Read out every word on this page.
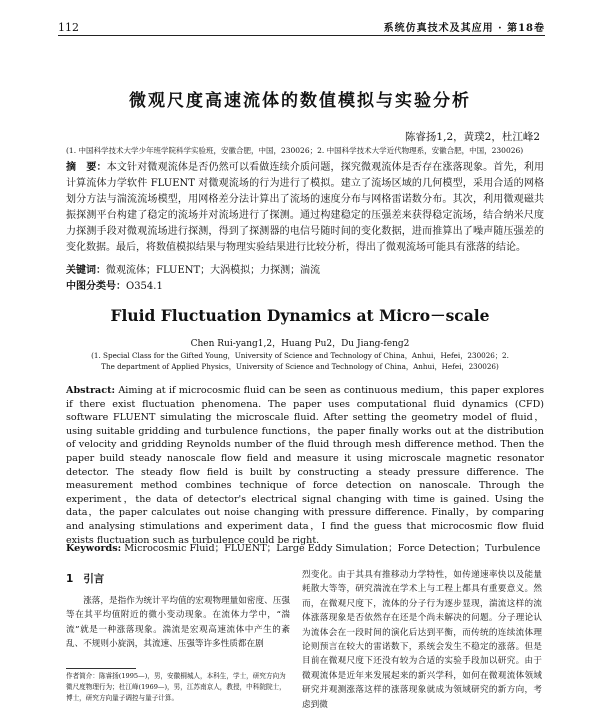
112	系统仿真技术及其应用 · 第18卷
微观尺度高速流体的数值模拟与实验分析
陈睿扬1,2，黄璞2，杜江峰2
(1. 中国科学技术大学少年班学院科学实验班，安徽合肥，中国，230026；2. 中国科学技术大学近代物理系，安徽合肥，中国，230026)
摘　要：本文针对微观流体是否仍然可以看做连续介质问题，探究微观流体是否存在涨落现象。首先，利用计算流体力学软件 FLUENT 对微观流场的行为进行了模拟。建立了流场区域的几何模型，采用合适的网格划分方法与湍流流场模型，用网格差分法计算出了流场的速度分布与网格雷诺数分布。其次，利用微观磁共振探测平台构建了稳定的流场并对流场进行了探测。通过构建稳定的压强差来获得稳定流场，结合纳米尺度力探测手段对微观流场进行探测，得到了探测器的电信号随时间的变化数据，进而推算出了噪声随压强差的变化数据。最后，将数值模拟结果与物理实验结果进行比较分析，得出了微观流场可能具有涨落的结论。
关键词：微观流体；FLUENT；大涡模拟；力探测；湍流
中图分类号：O354.1
Fluid Fluctuation Dynamics at Micro－scale
Chen Rui-yang1,2，Huang Pu2，Du Jiang-feng2
(1. Special Class for the Gifted Young，University of Science and Technology of China，Anhui，Hefei，230026；2. The department of Applied Physics，University of Science and Technology of China，Anhui，Hefei，230026)
Abstract: Aiming at if microcosmic fluid can be seen as continuous medium，this paper explores if there exist fluctuation phenomena. The paper uses computational fluid dynamics (CFD) software FLUENT simulating the microscale fluid. After setting the geometry model of fluid，using suitable gridding and turbulence functions，the paper finally works out at the distribution of velocity and gridding Reynolds number of the fluid through mesh difference method. Then the paper build steady nanoscale flow field and measure it using microscale magnetic resonator detector. The steady flow field is built by constructing a steady pressure difference. The measurement method combines technique of force detection on nanoscale. Through the experiment，the data of detector's electrical signal changing with time is gained. Using the data，the paper calculates out noise changing with pressure difference. Finally，by comparing and analysing stimulations and experiment data，I find the guess that microcosmic flow fluid exists fluctuation such as turbulence could be right.
Keywords: Microcosmic Fluid；FLUENT；Large Eddy Simulation；Force Detection；Turbulence
1 引言

涨落，是指作为统计平均值的宏观物理量如密度、压强等在其平均值附近的微小变动现象。在流体力学中，“湍流”就是一种涨落现象。湍流是宏观高速流体中产生的紊乱、不规则小旋涡，其流速、压强等许多性质都在剧

烈变化。由于其具有推移动力学特性，如传递速率快以及能量耗散大等等，研究湍流在学术上与工程上都具有重要意义。然而，在微观尺度下，流体的分子行为逐步显现，湍流这样的流体涨落现象是否依然存在还是个尚未解决的问题。分子理论认为流体会在一段时间的演化后达到平衡，而传统的连续流体理论则预言在较大的雷诺数下，系统会发生不稳定的涨落。但是目前在微观尺度下还没有较为合适的实验手段加以研究。由于微观流体是近年来发展起来的新兴学科，如何在微观流体领域研究并观测涨落这样的涨落现象就成为领域研究的新方向，考虑到微
作者简介：陈睿扬(1995—)，男，安徽桐城人，本科生，学士，研究方向为微尺度物理行为；杜江峰(1969—)，男，江苏南京人，教授，中科院院士，博士，研究方向量子调控与量子计算。
